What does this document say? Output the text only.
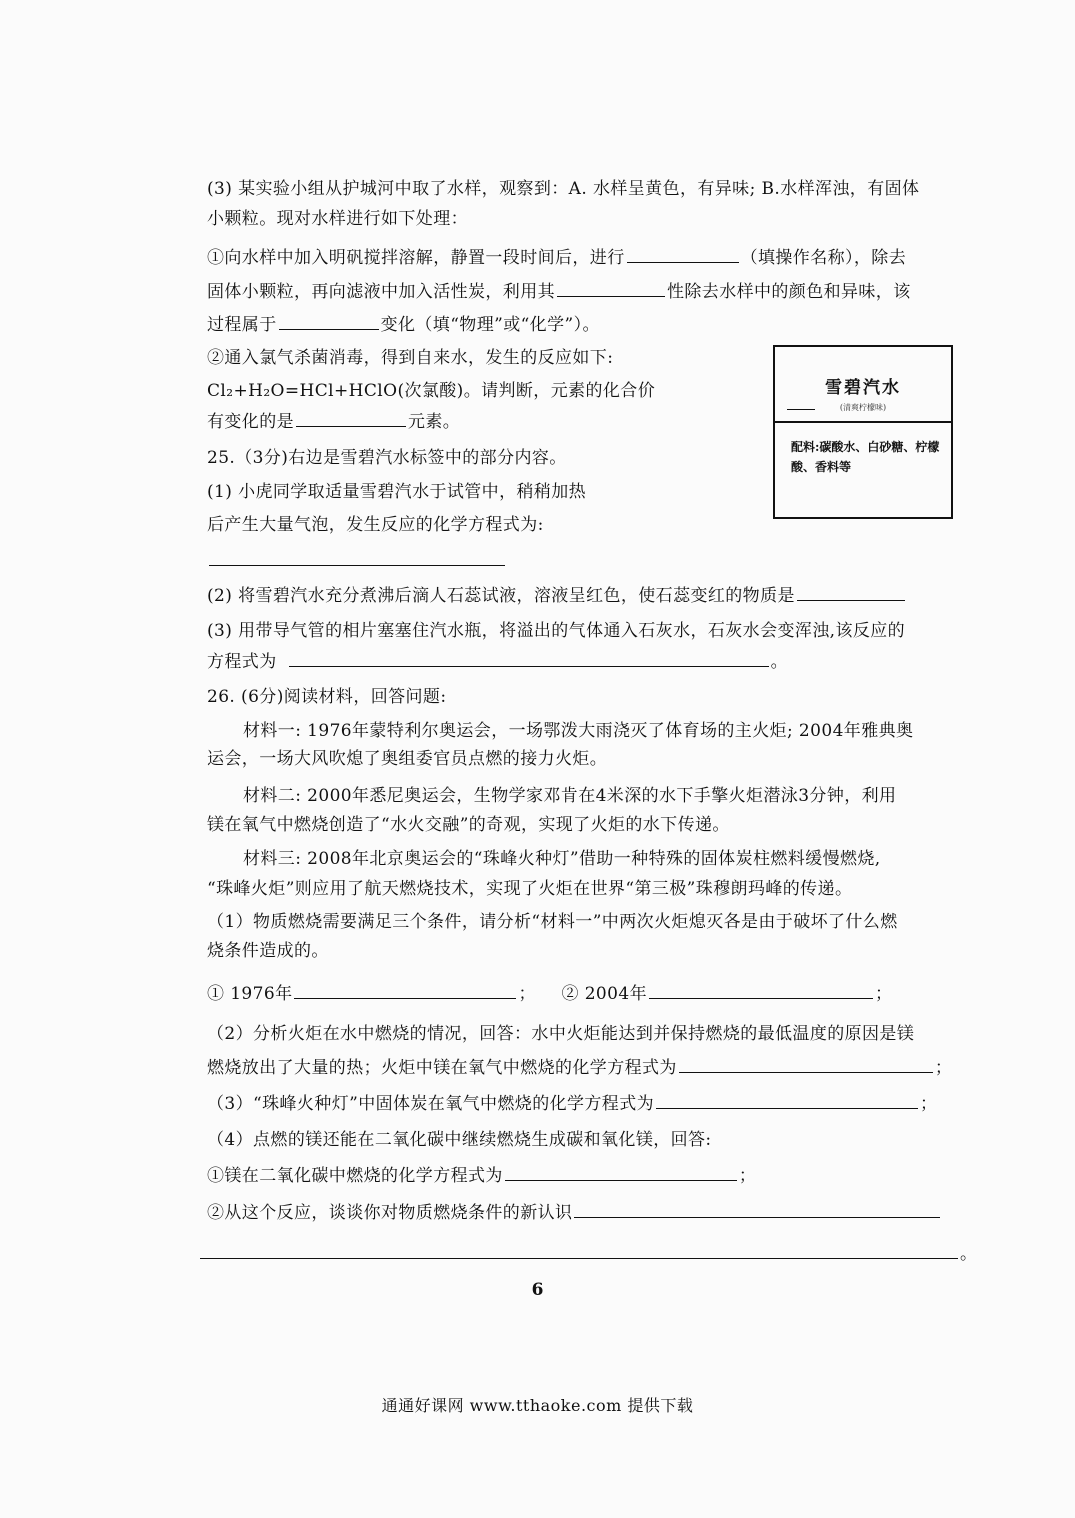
(3) 某实验小组从护城河中取了水样，观察到：A. 水样呈黄色，有异味; B.水样浑浊，有固体
小颗粒。现对水样进行如下处理：
①向水样中加入明矾搅拌溶解，静置一段时间后，进行	（填操作名称），除去
固体小颗粒，再向滤液中加入活性炭，利用其	性除去水样中的颜色和异味，该
过程属于	变化（填“物理”或“化学”）。
②通入氯气杀菌消毒，得到自来水，发生的反应如下:
Cl₂+H₂O=HCl+HClO(次氯酸)。请判断，元素的化合价
有变化的是	元素。
25.（3分)右边是雪碧汽水标签中的部分内容。
(1) 小虎同学取适量雪碧汽水于试管中，稍稍加热
后产生大量气泡，发生反应的化学方程式为:
雪碧汽水
(清爽柠檬味)
配料:碳酸水、白砂糖、柠檬酸、香料等
(2) 将雪碧汽水充分煮沸后滴人石蕊试液，溶液呈红色，使石蕊变红的物质是
(3) 用带导气管的相片塞塞住汽水瓶，将溢出的气体通入石灰水，石灰水会变浑浊,该反应的
方程式为	。
26. (6分)阅读材料，回答问题:
材料一: 1976年蒙特利尔奥运会，一场鄂泼大雨浇灭了体育场的主火炬; 2004年雅典奥
运会，一场大风吹熄了奥组委官员点燃的接力火炬。
材料二: 2000年悉尼奥运会，生物学家邓肯在4米深的水下手擎火炬潜泳3分钟，利用
镁在氧气中燃烧创造了“水火交融”的奇观，实现了火炬的水下传递。
材料三: 2008年北京奥运会的“珠峰火种灯”借助一种特殊的固体炭柱燃料缓慢燃烧,
“珠峰火炬”则应用了航天燃烧技术，实现了火炬在世界“第三极”珠穆朗玛峰的传递。
（1）物质燃烧需要满足三个条件，请分析“材料一”中两次火炬熄灭各是由于破坏了什么燃
烧条件造成的。
① 1976年	； ② 2004年	；
（2）分析火炬在水中燃烧的情况，回答：水中火炬能达到并保持燃烧的最低温度的原因是镁
燃烧放出了大量的热；火炬中镁在氧气中燃烧的化学方程式为	；
（3）“珠峰火种灯”中固体炭在氧气中燃烧的化学方程式为	；
（4）点燃的镁还能在二氧化碳中继续燃烧生成碳和氧化镁，回答:
①镁在二氧化碳中燃烧的化学方程式为	；
②从这个反应，谈谈你对物质燃烧条件的新认识
。
6
通通好课网 www.tthaoke.com 提供下载
